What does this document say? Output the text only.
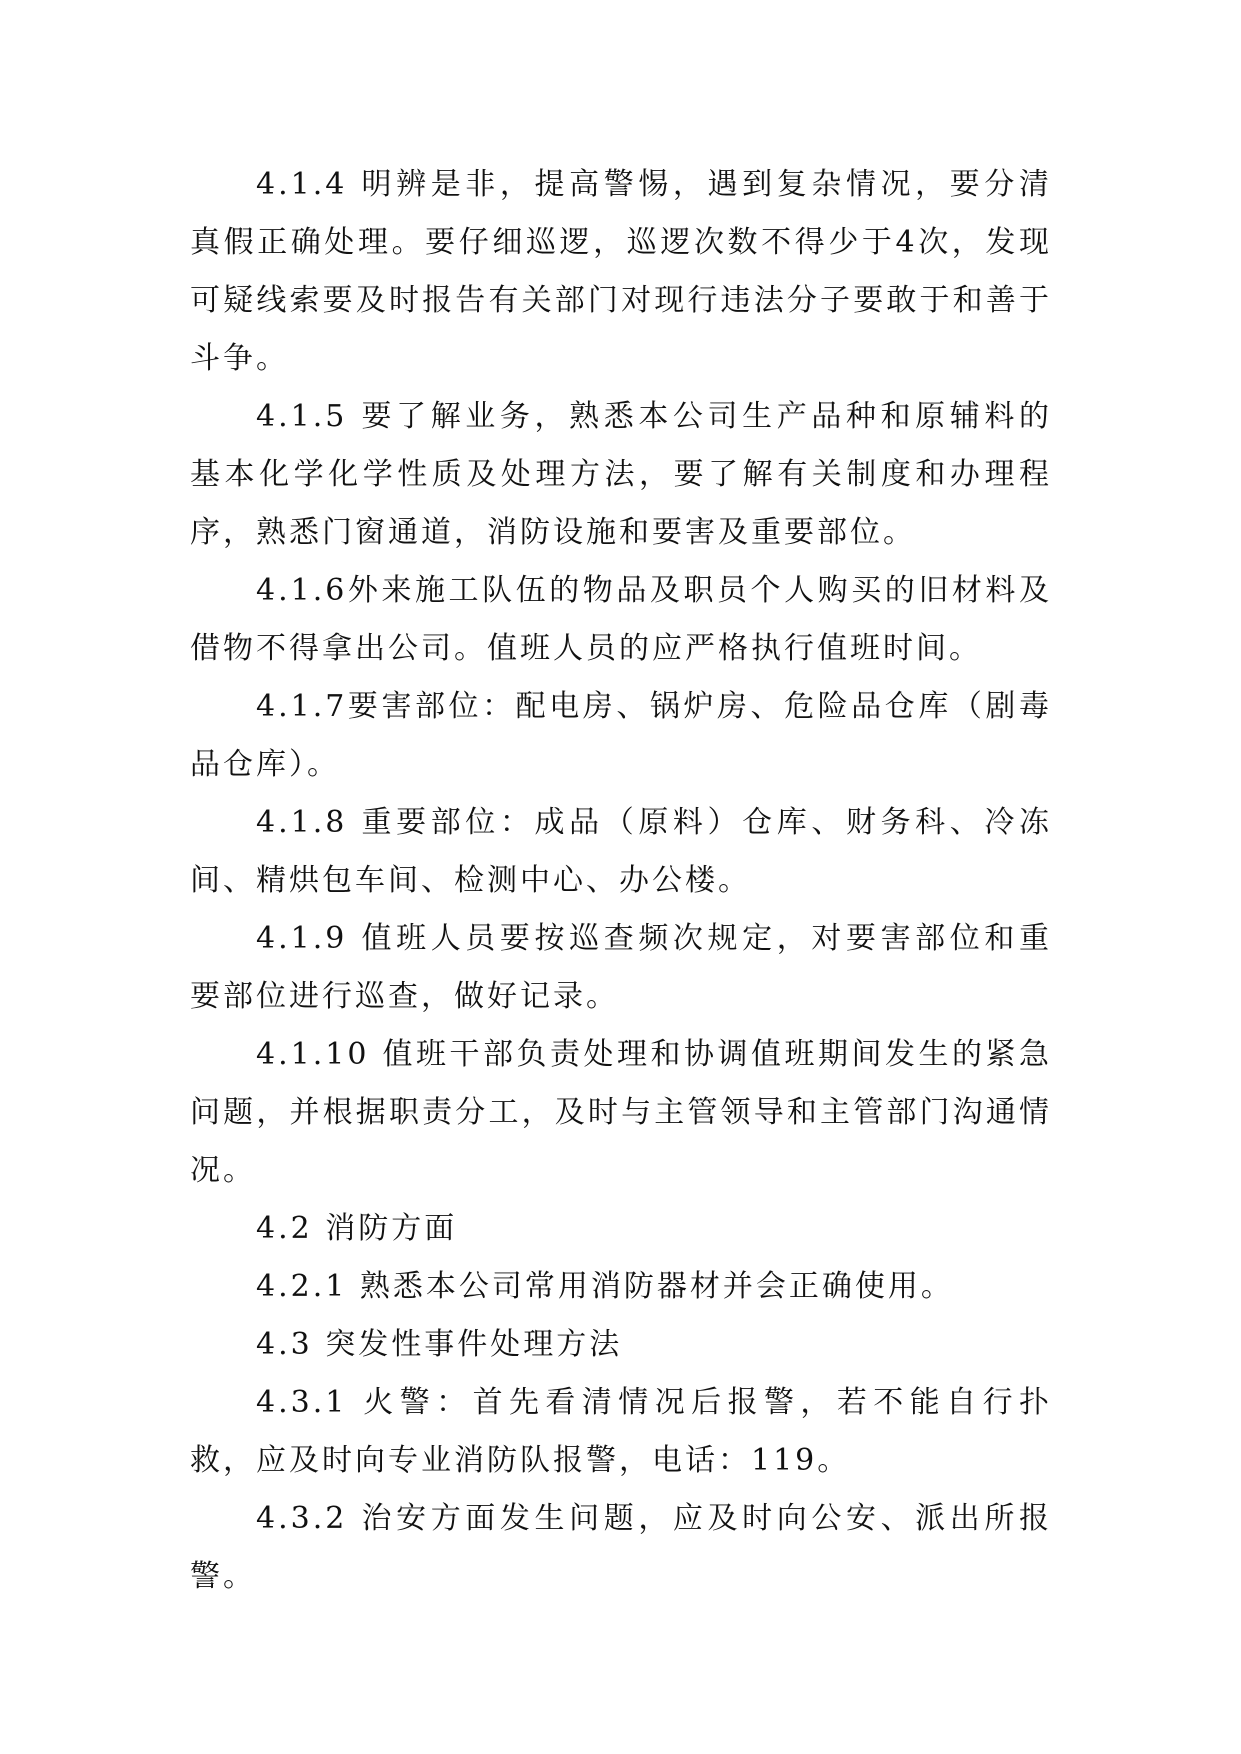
4.1.4 明辨是非，提高警惕，遇到复杂情况，要分清真假正确处理。要仔细巡逻，巡逻次数不得少于4次，发现可疑线索要及时报告有关部门对现行违法分子要敢于和善于斗争。

4.1.5 要了解业务，熟悉本公司生产品种和原辅料的基本化学化学性质及处理方法，要了解有关制度和办理程序，熟悉门窗通道，消防设施和要害及重要部位。

4.1.6外来施工队伍的物品及职员个人购买的旧材料及借物不得拿出公司。值班人员的应严格执行值班时间。

4.1.7要害部位：配电房、锅炉房、危险品仓库（剧毒品仓库）。

4.1.8 重要部位：成品（原料）仓库、财务科、冷冻间、精烘包车间、检测中心、办公楼。

4.1.9 值班人员要按巡查频次规定，对要害部位和重要部位进行巡查，做好记录。

4.1.10 值班干部负责处理和协调值班期间发生的紧急问题，并根据职责分工，及时与主管领导和主管部门沟通情况。

4.2 消防方面

4.2.1 熟悉本公司常用消防器材并会正确使用。

4.3 突发性事件处理方法

4.3.1 火警：首先看清情况后报警，若不能自行扑救，应及时向专业消防队报警，电话：119。

4.3.2 治安方面发生问题，应及时向公安、派出所报警。
